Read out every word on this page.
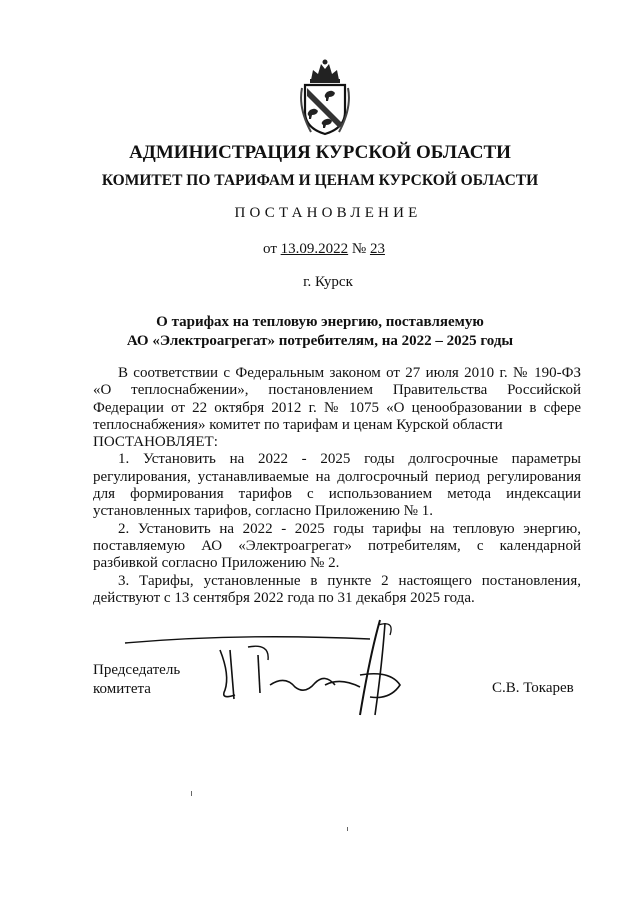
АДМИНИСТРАЦИЯ КУРСКОЙ ОБЛАСТИ
КОМИТЕТ ПО ТАРИФАМ И ЦЕНАМ КУРСКОЙ ОБЛАСТИ
ПОСТАНОВЛЕНИЕ
от 13.09.2022 № 23
г. Курск
О тарифах на тепловую энергию, поставляемую
АО «Электроагрегат» потребителям, на 2022 – 2025 годы

В соответствии с Федеральным законом от 27 июля 2010 г. № 190-ФЗ «О теплоснабжении», постановлением Правительства Российской Федерации от 22 октября 2012 г. № 1075 «О ценообразовании в сфере теплоснабжения» комитет по тарифам и ценам Курской области

ПОСТАНОВЛЯЕТ:

1. Установить на 2022 - 2025 годы долгосрочные параметры регулирования, устанавливаемые на долгосрочный период регулирования для формирования тарифов с использованием метода индексации установленных тарифов, согласно Приложению № 1.

2. Установить на 2022 - 2025 годы тарифы на тепловую энергию, поставляемую АО «Электроагрегат» потребителям, с календарной разбивкой согласно Приложению № 2.

3. Тарифы, установленные в пункте 2 настоящего постановления, действуют с 13 сентября 2022 года по 31 декабря 2025 года.

Председатель
комитета	С.В. Токарев
